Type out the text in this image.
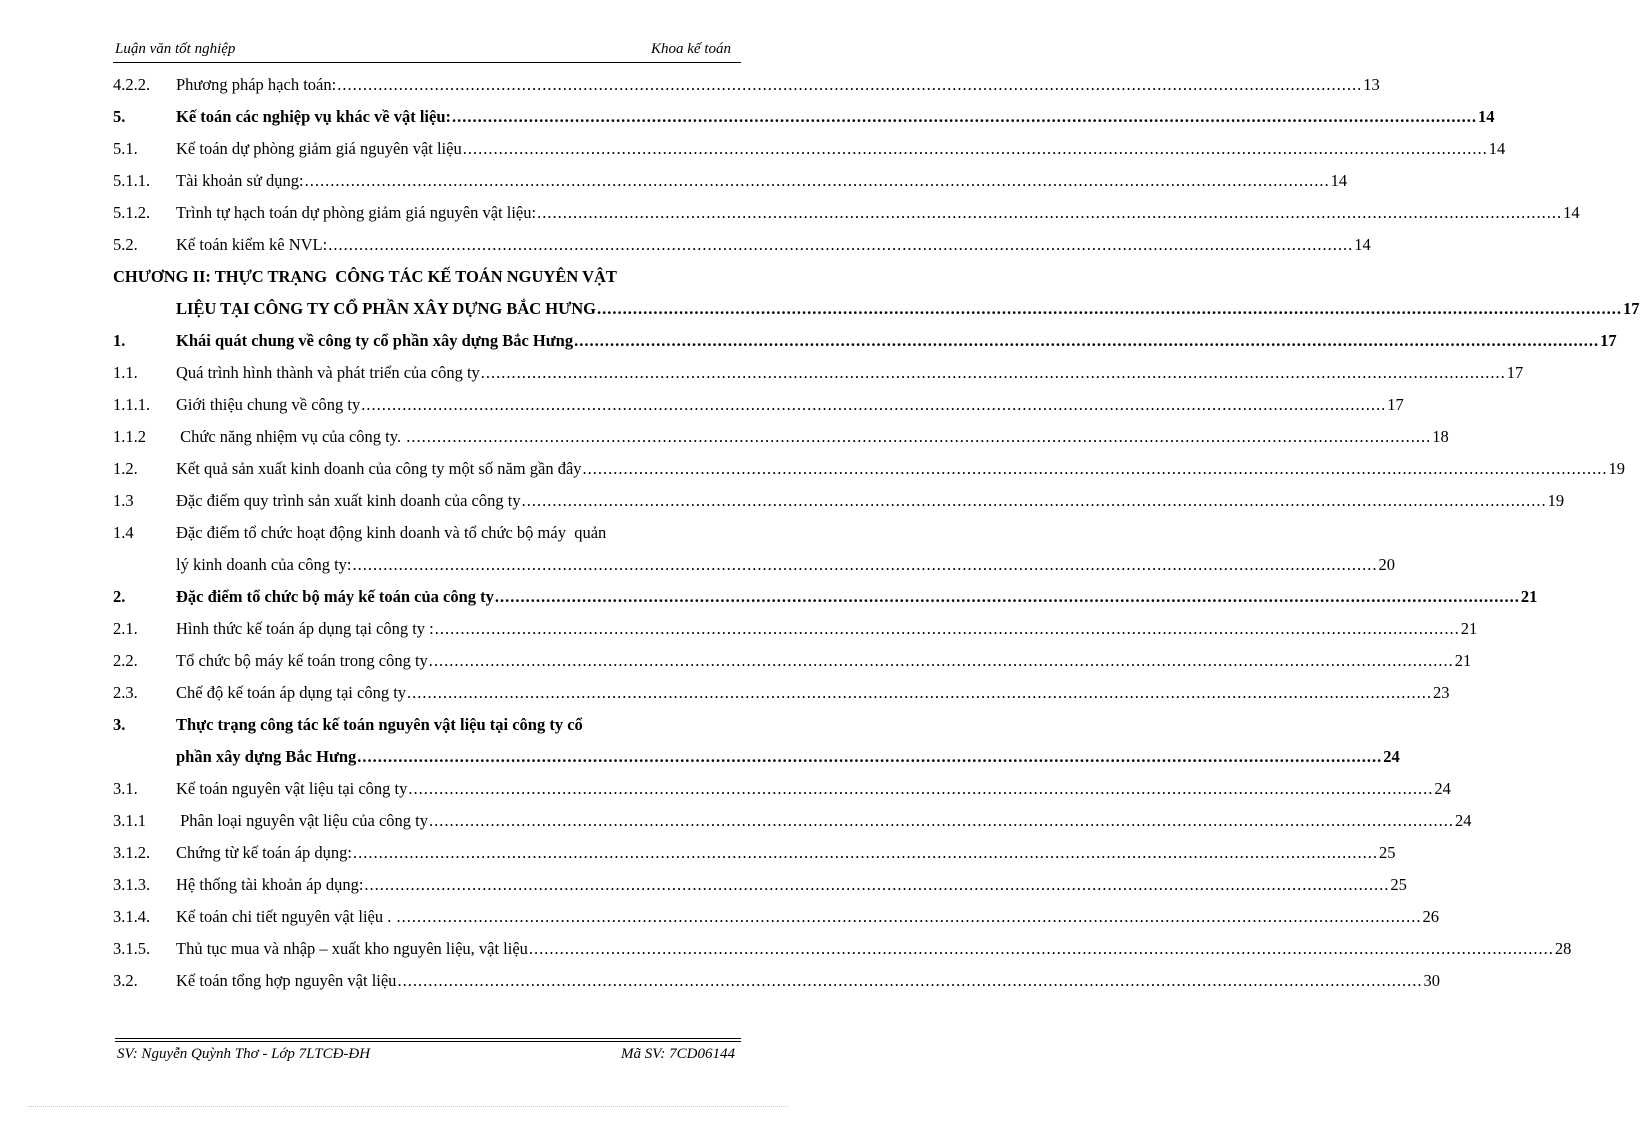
Luận văn tốt nghiệp	Khoa kế toán
4.2.2. Phương pháp hạch toán: ........................................................................................................................................................................................................ 13
5.	Kế toán các nghiệp vụ khác về vật liệu: ........................................................................................................................................................................................................ 14
5.1. Kế toán dự phòng giảm giá nguyên vật liệu ........................................................................................................................................................................................................ 14
5.1.1. Tài khoản sử dụng: ........................................................................................................................................................................................................ 14
5.1.2. Trình tự hạch toán dự phòng giảm giá nguyên vật liệu: ........................................................................................................................................................................................................ 14
5.2. Kế toán kiểm kê NVL: ........................................................................................................................................................................................................ 14
CHƯƠNG II: THỰC TRẠNG  CÔNG TÁC KẾ TOÁN NGUYÊN VẬT
LIỆU TẠI CÔNG TY CỔ PHẦN XÂY DỰNG BẮC HƯNG ........................................................................................................................................................................................................ 17
1.	Khái quát chung về công ty cổ phần xây dựng Bắc Hưng ........................................................................................................................................................................................................ 17
1.1. Quá trình hình thành và phát triển của công ty ........................................................................................................................................................................................................ 17
1.1.1. Giới thiệu chung về công ty ........................................................................................................................................................................................................ 17
1.1.2 Chức năng nhiệm vụ của công ty. ........................................................................................................................................................................................................ 18
1.2. Kết quả sản xuất kinh doanh của công ty một số năm gần đây ........................................................................................................................................................................................................ 19
1.3	Đặc điểm quy trình sản xuất kinh doanh của công ty ........................................................................................................................................................................................................ 19
1.4	Đặc điểm tổ chức hoạt động kinh doanh và tổ chức bộ máy  quản
lý kinh doanh của công ty: ........................................................................................................................................................................................................ 20
2.	Đặc điểm tổ chức bộ máy kế toán của công ty ........................................................................................................................................................................................................ 21
2.1. Hình thức kế toán áp dụng tại công ty : ........................................................................................................................................................................................................ 21
2.2. Tổ chức bộ máy kế toán trong công ty ........................................................................................................................................................................................................ 21
2.3. Chế độ kế toán áp dụng tại công ty ........................................................................................................................................................................................................ 23
3.	Thực trạng công tác kế toán nguyên vật liệu tại công ty cổ
phần xây dựng Bắc Hưng ........................................................................................................................................................................................................ 24
3.1. Kế toán nguyên vật liệu tại công ty ........................................................................................................................................................................................................ 24
3.1.1 Phân loại nguyên vật liệu của công ty ........................................................................................................................................................................................................ 24
3.1.2. Chứng từ kế toán áp dụng: ........................................................................................................................................................................................................ 25
3.1.3. Hệ thống tài khoản áp dụng: ........................................................................................................................................................................................................ 25
3.1.4. Kế toán chi tiết nguyên vật liệu . ........................................................................................................................................................................................................ 26
3.1.5. Thủ tục mua và nhập – xuất kho nguyên liệu, vật liệu ........................................................................................................................................................................................................ 28
3.2. Kế toán tổng hợp nguyên vật liệu ........................................................................................................................................................................................................ 30
SV: Nguyễn Quỳnh Thơ - Lớp 7LTCĐ-ĐH	Mã SV: 7CD06144
